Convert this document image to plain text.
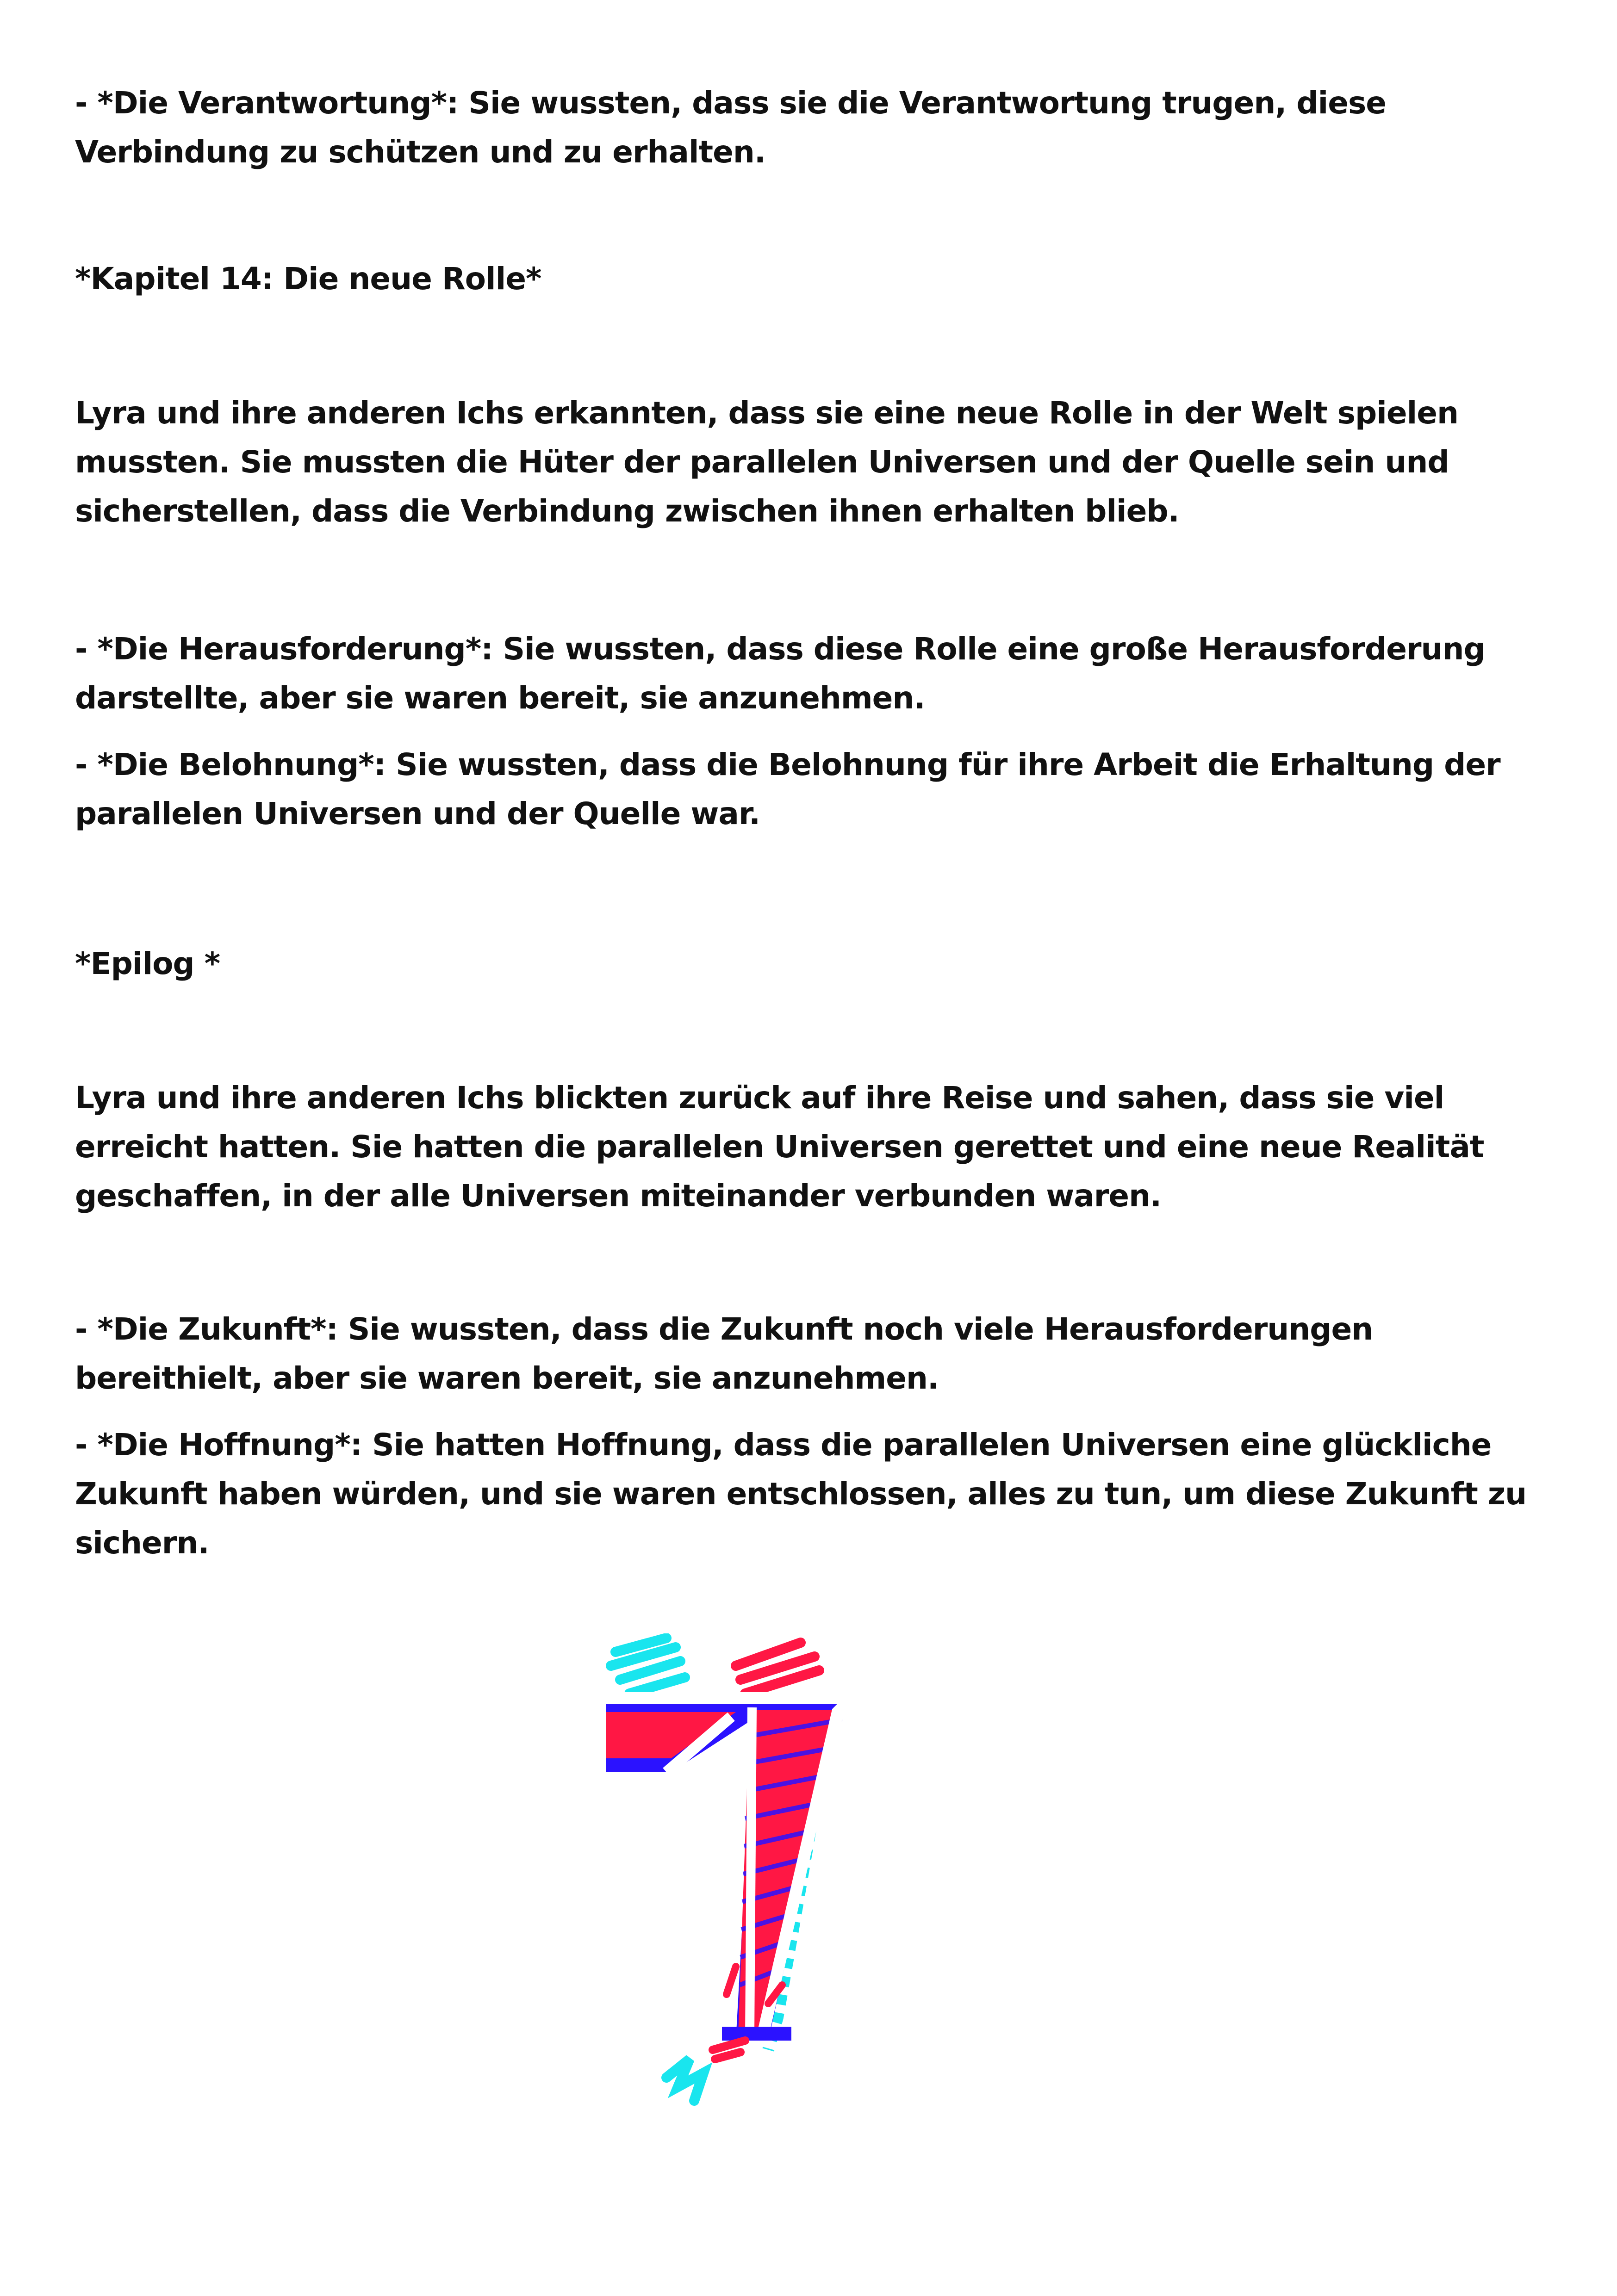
- *Die Verantwortung*: Sie wussten, dass sie die Verantwortung trugen, diese Verbindung zu schützen und zu erhalten.

*Kapitel 14: Die neue Rolle*

Lyra und ihre anderen Ichs erkannten, dass sie eine neue Rolle in der Welt spielen mussten. Sie mussten die Hüter der parallelen Universen und der Quelle sein und sicherstellen, dass die Verbindung zwischen ihnen erhalten blieb.

- *Die Herausforderung*: Sie wussten, dass diese Rolle eine große Herausforderung darstellte, aber sie waren bereit, sie anzunehmen.

- *Die Belohnung*: Sie wussten, dass die Belohnung für ihre Arbeit die Erhaltung der parallelen Universen und der Quelle war.

*Epilog *

Lyra und ihre anderen Ichs blickten zurück auf ihre Reise und sahen, dass sie viel erreicht hatten. Sie hatten die parallelen Universen gerettet und eine neue Realität geschaffen, in der alle Universen miteinander verbunden waren.

- *Die Zukunft*: Sie wussten, dass die Zukunft noch viele Herausforderungen bereithielt, aber sie waren bereit, sie anzunehmen.

- *Die Hoffnung*: Sie hatten Hoffnung, dass die parallelen Universen eine glückliche Zukunft haben würden, und sie waren entschlossen, alles zu tun, um diese Zukunft zu sichern.
